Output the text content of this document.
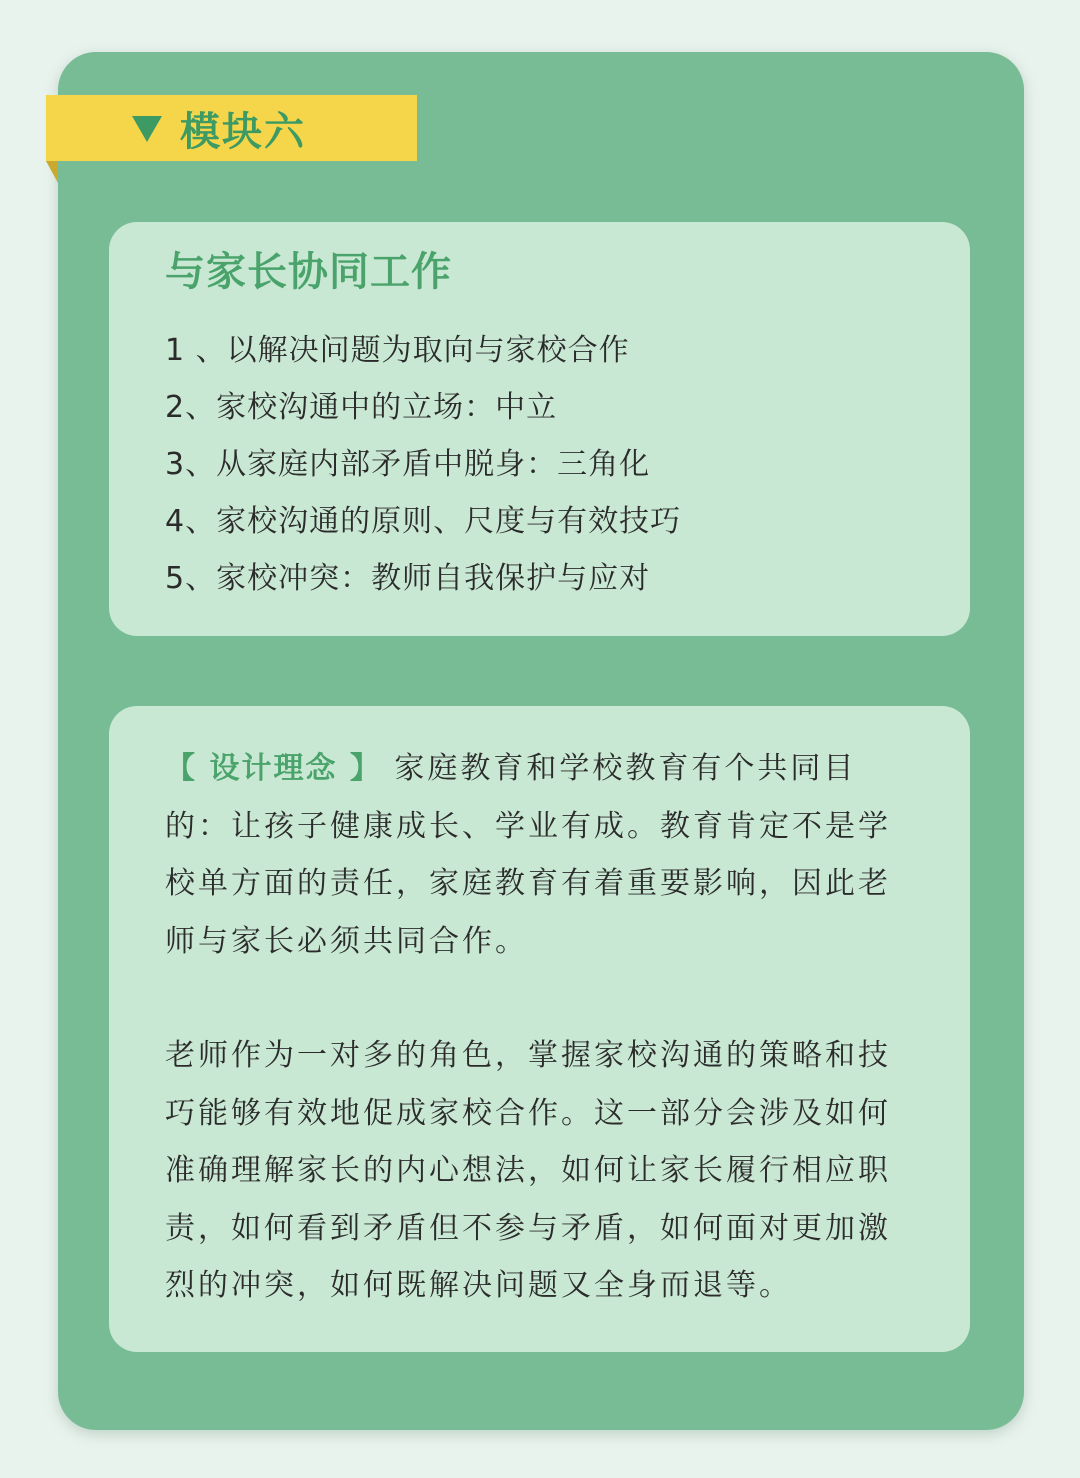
模块六
与家长协同工作
1 、以解决问题为取向与家校合作
2、家校沟通中的立场：中立
3、从家庭内部矛盾中脱身：三角化
4、家校沟通的原则、尺度与有效技巧
5、家校冲突：教师自我保护与应对

【 设计理念 】 家庭教育和学校教育有个共同目的：让孩子健康成长、学业有成。教育肯定不是学校单方面的责任，家庭教育有着重要影响，因此老师与家长必须共同合作。

老师作为一对多的角色，掌握家校沟通的策略和技巧能够有效地促成家校合作。这一部分会涉及如何准确理解家长的内心想法，如何让家长履行相应职责，如何看到矛盾但不参与矛盾，如何面对更加激烈的冲突，如何既解决问题又全身而退等。
